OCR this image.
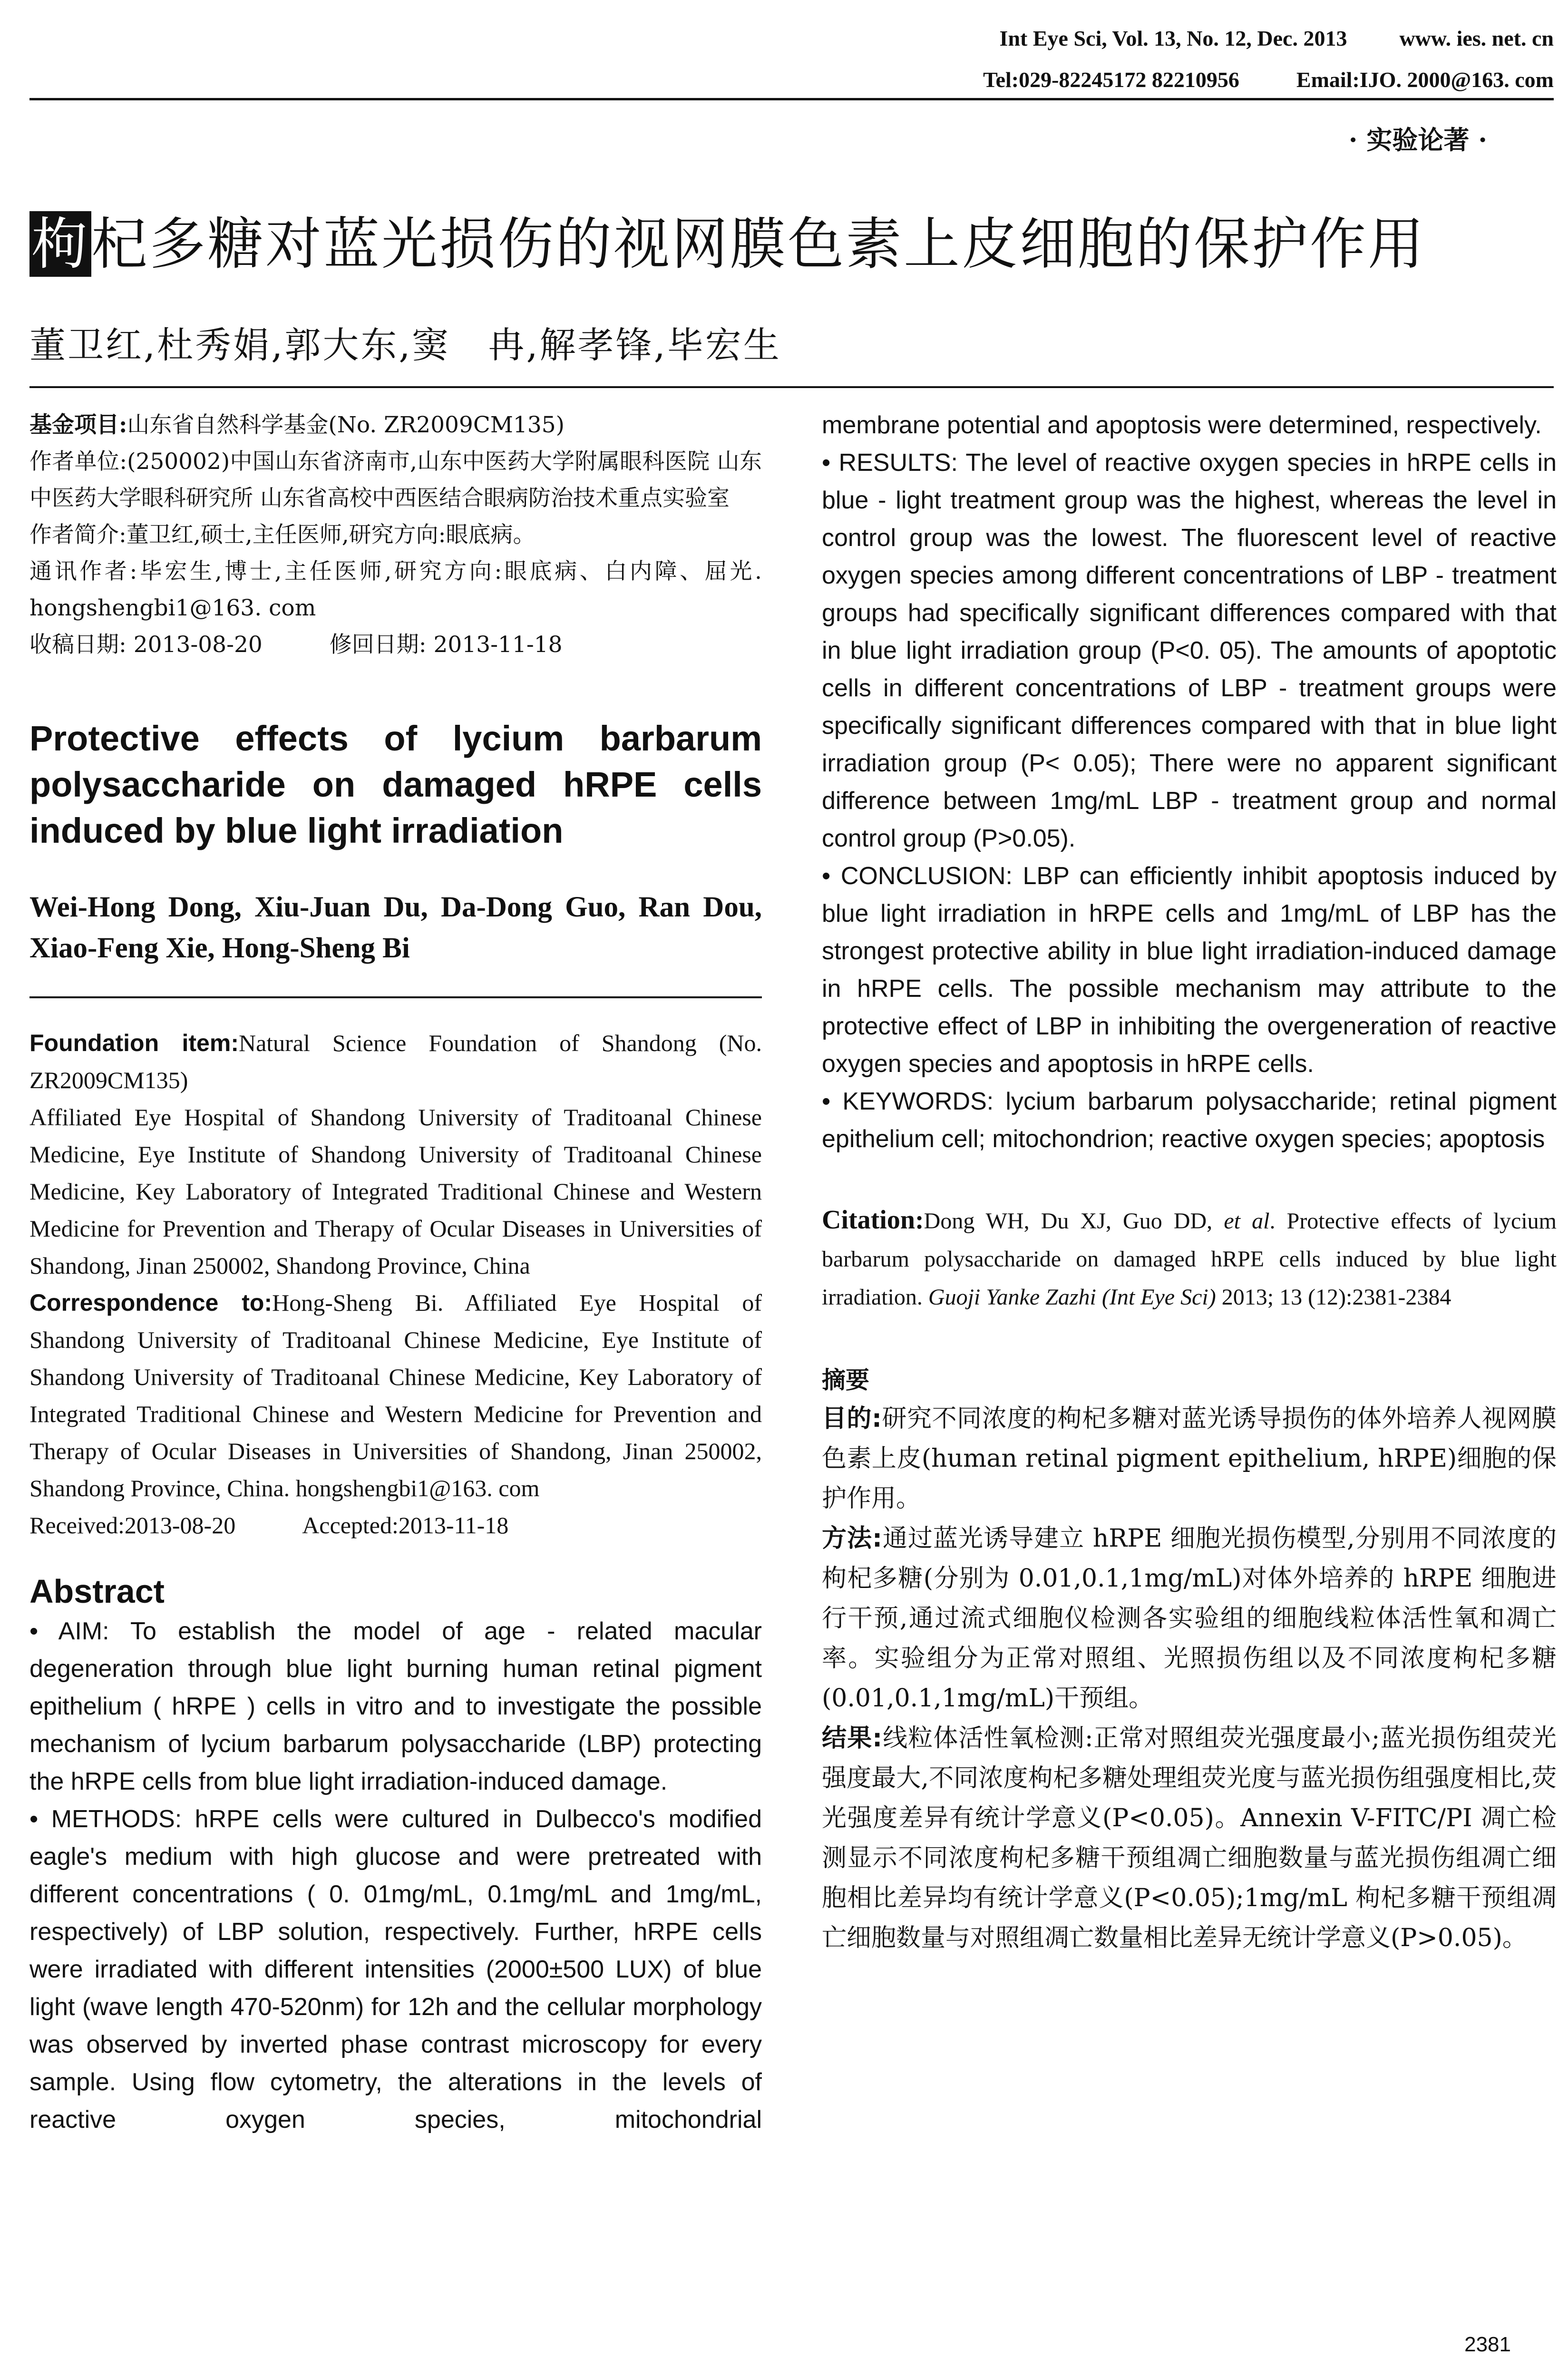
Int Eye Sci, Vol. 13, No. 12, Dec. 2013 www. ies. net. cn
Tel:029-82245172 82210956	Email:IJO. 2000@163. com
· 实验论著 ·
枸杞多糖对蓝光损伤的视网膜色素上皮细胞的保护作用
董卫红,杜秀娟,郭大东,窦　冉,解孝锋,毕宏生
基金项目:山东省自然科学基金(No. ZR2009CM135)
作者单位:(250002)中国山东省济南市,山东中医药大学附属眼科医院 山东中医药大学眼科研究所 山东省高校中西医结合眼病防治技术重点实验室
作者简介:董卫红,硕士,主任医师,研究方向:眼底病。
通讯作者:毕宏生,博士,主任医师,研究方向:眼底病、白内障、屈光. hongshengbi1@163. com
收稿日期: 2013-08-20　　　修回日期: 2013-11-18
Protective effects of lycium barbarum polysaccharide on damaged hRPE cells induced by blue light irradiation
Wei-Hong Dong, Xiu-Juan Du, Da-Dong Guo, Ran Dou, Xiao-Feng Xie, Hong-Sheng Bi
Foundation item:Natural Science Foundation of Shandong (No. ZR2009CM135)
Affiliated Eye Hospital of Shandong University of Traditoanal Chinese Medicine, Eye Institute of Shandong University of Traditoanal Chinese Medicine, Key Laboratory of Integrated Traditional Chinese and Western Medicine for Prevention and Therapy of Ocular Diseases in Universities of Shandong, Jinan 250002, Shandong Province, China
Correspondence to:Hong-Sheng Bi. Affiliated Eye Hospital of Shandong University of Traditoanal Chinese Medicine, Eye Institute of Shandong University of Traditoanal Chinese Medicine, Key Laboratory of Integrated Traditional Chinese and Western Medicine for Prevention and Therapy of Ocular Diseases in Universities of Shandong, Jinan 250002, Shandong Province, China. hongshengbi1@163. com
Received:2013-08-20	Accepted:2013-11-18
Abstract

• AIM: To establish the model of age - related macular degeneration through blue light burning human retinal pigment epithelium ( hRPE ) cells in vitro and to investigate the possible mechanism of lycium barbarum polysaccharide (LBP) protecting the hRPE cells from blue light irradiation-induced damage.

• METHODS: hRPE cells were cultured in Dulbecco's modified eagle's medium with high glucose and were pretreated with different concentrations ( 0. 01mg/mL, 0.1mg/mL and 1mg/mL, respectively) of LBP solution, respectively. Further, hRPE cells were irradiated with different intensities (2000±500 LUX) of blue light (wave length 470-520nm) for 12h and the cellular morphology was observed by inverted phase contrast microscopy for every sample. Using flow cytometry, the alterations in the levels of reactive oxygen species, mitochondrial

membrane potential and apoptosis were determined, respectively.

• RESULTS: The level of reactive oxygen species in hRPE cells in blue - light treatment group was the highest, whereas the level in control group was the lowest. The fluorescent level of reactive oxygen species among different concentrations of LBP - treatment groups had specifically significant differences compared with that in blue light irradiation group (P<0. 05). The amounts of apoptotic cells in different concentrations of LBP - treatment groups were specifically significant differences compared with that in blue light irradiation group (P< 0.05); There were no apparent significant difference between 1mg/mL LBP - treatment group and normal control group (P>0.05).

• CONCLUSION: LBP can efficiently inhibit apoptosis induced by blue light irradiation in hRPE cells and 1mg/mL of LBP has the strongest protective ability in blue light irradiation-induced damage in hRPE cells. The possible mechanism may attribute to the protective effect of LBP in inhibiting the overgeneration of reactive oxygen species and apoptosis in hRPE cells.

• KEYWORDS: lycium barbarum polysaccharide; retinal pigment epithelium cell; mitochondrion; reactive oxygen species; apoptosis

Citation:Dong WH, Du XJ, Guo DD, et al. Protective effects of lycium barbarum polysaccharide on damaged hRPE cells induced by blue light irradiation. Guoji Yanke Zazhi (Int Eye Sci) 2013; 13 (12):2381-2384
摘要

目的:研究不同浓度的枸杞多糖对蓝光诱导损伤的体外培养人视网膜色素上皮(human retinal pigment epithelium, hRPE)细胞的保护作用。

方法:通过蓝光诱导建立 hRPE 细胞光损伤模型,分别用不同浓度的枸杞多糖(分别为 0.01,0.1,1mg/mL)对体外培养的 hRPE 细胞进行干预,通过流式细胞仪检测各实验组的细胞线粒体活性氧和凋亡率。实验组分为正常对照组、光照损伤组以及不同浓度枸杞多糖(0.01,0.1,1mg/mL)干预组。

结果:线粒体活性氧检测:正常对照组荧光强度最小;蓝光损伤组荧光强度最大,不同浓度枸杞多糖处理组荧光度与蓝光损伤组强度相比,荧光强度差异有统计学意义(P<0.05)。Annexin V-FITC/PI 凋亡检测显示不同浓度枸杞多糖干预组凋亡细胞数量与蓝光损伤组凋亡细胞相比差异均有统计学意义(P<0.05);1mg/mL 枸杞多糖干预组凋亡细胞数量与对照组凋亡数量相比差异无统计学意义(P>0.05)。

2381
